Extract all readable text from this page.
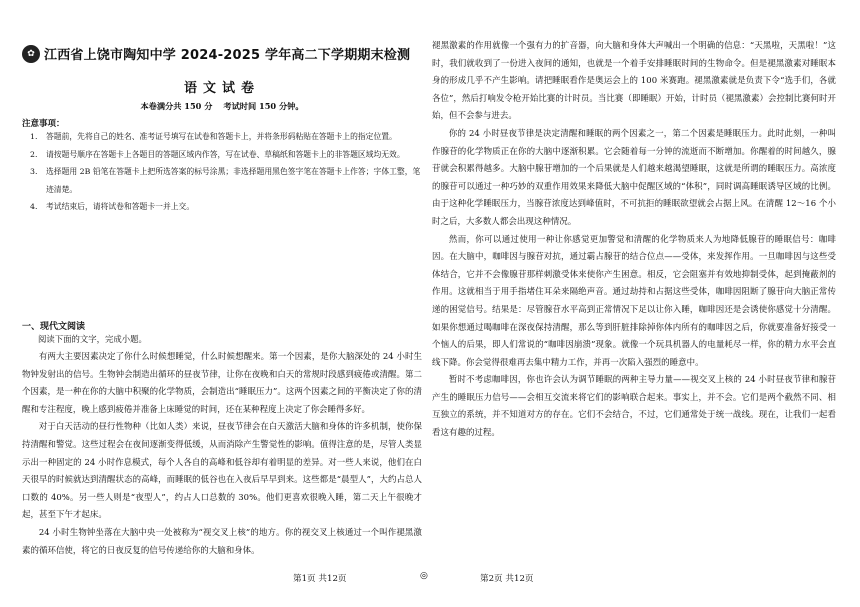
✿ 江西省上饶市陶知中学 2024-2025 学年高二下学期期末检测
语文试卷
本卷满分共 150 分　 考试时间 150 分钟。
注意事项：
1.	答题前，先将自己的姓名、准考证号填写在试卷和答题卡上，并将条形码粘贴在答题卡上的指定位置。
2.	请按题号顺序在答题卡上各题目的答题区域内作答，写在试卷、草稿纸和答题卡上的非答题区域均无效。
3.	选择题用 2B 铅笔在答题卡上把所选答案的标号涂黑；非选择题用黑色签字笔在答题卡上作答；字体工整，笔迹清楚。
4.	考试结束后，请将试卷和答题卡一并上交。
一、现代文阅读
阅读下面的文字，完成小题。

有两大主要因素决定了你什么时候想睡觉，什么时候想醒来。第一个因素，是你大脑深处的 24 小时生物钟发射出的信号。生物钟会制造出循环的昼夜节律，让你在夜晚和白天的常规时段感到疲倦或清醒。第二个因素，是一种在你的大脑中积聚的化学物质，会制造出“睡眠压力”。这两个因素之间的平衡决定了你的清醒和专注程度，晚上感到疲倦并准备上床睡觉的时间，还在某种程度上决定了你会睡得多好。

对于白天活动的昼行性物种（比如人类）来说，昼夜节律会在白天激活大脑和身体的许多机制，使你保持清醒和警觉。这些过程会在夜间逐渐变得低缓，从而消除产生警觉性的影响。值得注意的是，尽管人类显示出一种固定的 24 小时作息模式，每个人各自的高峰和低谷却有着明显的差异。对一些人来说，他们在白天很早的时候就达到清醒状态的高峰，而睡眠的低谷也在入夜后早早到来。这些都是“晨型人”，大约占总人口数的 40%。另一些人则是“夜型人”，约占人口总数的 30%。他们更喜欢很晚入睡，第二天上午很晚才起，甚至下午才起床。

24 小时生物钟坐落在大脑中央一处被称为“视交叉上核”的地方。你的视交叉上核通过一个叫作褪黑激素的循环信使，将它的日夜反复的信号传递给你的大脑和身体。

褪黑激素的作用就像一个强有力的扩音器，向大脑和身体大声喊出一个明确的信息：“天黑啦，天黑啦！”这时，我们就收到了一份进入夜间的通知，也就是一个着手安排睡眠时间的生物命令。但是褪黑激素对睡眠本身的形成几乎不产生影响。请把睡眠看作是奥运会上的 100 米赛跑。褪黑激素就是负责下令“选手们，各就各位”，然后打响发令枪开始比赛的计时员。当比赛（即睡眠）开始，计时员（褪黑激素）会控制比赛何时开始，但不会参与进去。

你的 24 小时昼夜节律是决定清醒和睡眠的两个因素之一，第二个因素是睡眠压力。此时此刻，一种叫作腺苷的化学物质正在你的大脑中逐渐积累。它会随着每一分钟的流逝而不断增加。你醒着的时间越久，腺苷就会积累得越多。大脑中腺苷增加的一个后果就是人们越来越渴望睡眠，这就是所谓的睡眠压力。高浓度的腺苷可以通过一种巧妙的双重作用效果来降低大脑中促醒区域的“体积”，同时调高睡眠诱导区域的比例。由于这种化学睡眠压力，当腺苷浓度达到峰值时，不可抗拒的睡眠欲望就会占据上风。在清醒 12～16 个小时之后，大多数人都会出现这种情况。

然而，你可以通过使用一种让你感觉更加警觉和清醒的化学物质来人为地降低腺苷的睡眠信号：咖啡因。在大脑中，咖啡因与腺苷对抗，通过霸占腺苷的结合位点——受体，来发挥作用。一旦咖啡因与这些受体结合，它并不会像腺苷那样刺激受体来使你产生困意。相反，它会阻塞并有效地抑制受体，起到掩蔽剂的作用。这就相当于用手指堵住耳朵来隔绝声音。通过劫持和占据这些受体，咖啡因阻断了腺苷向大脑正常传递的困觉信号。结果是：尽管腺苷水平高到正常情况下足以让你入睡，咖啡因还是会诱使你感觉十分清醒。如果你想通过喝咖啡在深夜保持清醒，那么等到肝脏排除掉你体内所有的咖啡因之后，你就要准备好接受一个恼人的后果，即人们常说的“咖啡因崩溃”现象。就像一个玩具机器人的电量耗尽一样，你的精力水平会直线下降。你会觉得很难再去集中精力工作，并再一次陷入强烈的睡意中。

暂时不考虑咖啡因，你也许会认为调节睡眠的两种主导力量——视交叉上核的 24 小时昼夜节律和腺苷产生的睡眠压力信号——会相互交流来将它们的影响联合起来。事实上，并不会。它们是两个截然不同、相互独立的系统，并不知道对方的存在。它们不会结合，不过，它们通常处于统一战线。现在，让我们一起看看这有趣的过程。

第1页 共12页	◎	第2页 共12页
